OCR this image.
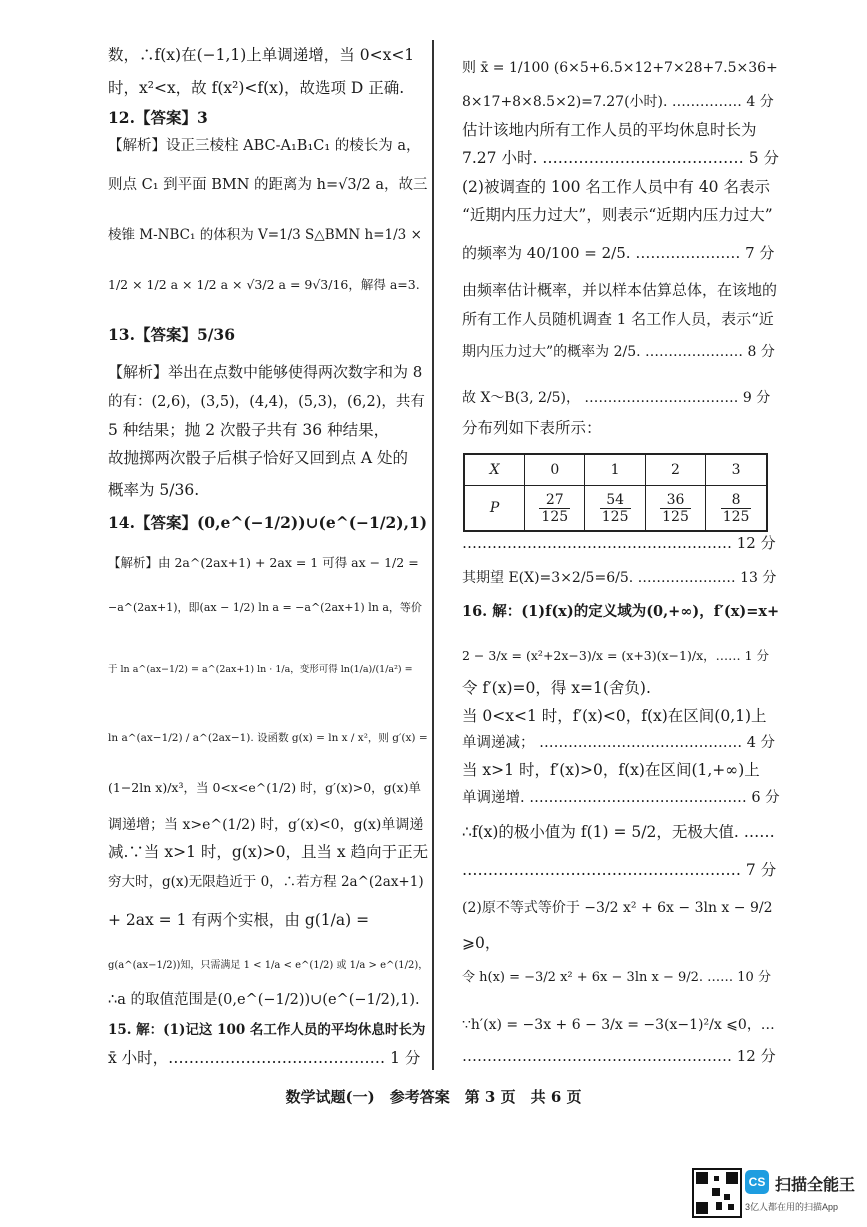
数，∴f(x)在(−1,1)上单调递增，当 0<x<1
时，x²<x，故 f(x²)<f(x)，故选项 D 正确.
12.【答案】3
【解析】设正三棱柱 ABC-A₁B₁C₁ 的棱长为 a，
则点 C₁ 到平面 BMN 的距离为 h=√3/2 a，故三
棱锥 M-NBC₁ 的体积为 V=1/3 S△BMN h=1/3 ×
1/2 × 1/2 a × 1/2 a × √3/2 a = 9√3/16，解得 a=3.
13.【答案】5/36
【解析】举出在点数中能够使得两次数字和为 8
的有：(2,6)，(3,5)，(4,4)，(5,3)，(6,2)，共有
5 种结果；抛 2 次骰子共有 36 种结果，
故抛掷两次骰子后棋子恰好又回到点 A 处的
概率为 5/36.
14.【答案】(0,e^(−1/2))∪(e^(−1/2),1)
【解析】由 2a^(2ax+1) + 2ax = 1 可得 ax − 1/2 =
−a^(2ax+1)，即(ax − 1/2) ln a = −a^(2ax+1) ln a，等价
于 ln a^(ax−1/2) = a^(2ax+1) ln · 1/a，变形可得 ln(1/a)/(1/a²) =
ln a^(ax−1/2) / a^(2ax−1). 设函数 g(x) = ln x / x²，则 g′(x) =
(1−2ln x)/x³，当 0<x<e^(1/2) 时，g′(x)>0，g(x)单
调递增；当 x>e^(1/2) 时，g′(x)<0，g(x)单调递
减.∵当 x>1 时，g(x)>0，且当 x 趋向于正无
穷大时，g(x)无限趋近于 0，∴若方程 2a^(2ax+1)
+ 2ax = 1 有两个实根，由 g(1/a) =
g(a^(ax−1/2))知，只需满足 1 < 1/a < e^(1/2) 或 1/a > e^(1/2)，
∴a 的取值范围是(0,e^(−1/2))∪(e^(−1/2),1).
15. 解：(1)记这 100 名工作人员的平均休息时长为
x̄ 小时，…………………………………… 1 分
则 x̄ = 1/100 (6×5+6.5×12+7×28+7.5×36+
8×17+8×8.5×2)=7.27(小时). …………… 4 分
估计该地内所有工作人员的平均休息时长为
7.27 小时. ………………………………… 5 分
(2)被调查的 100 名工作人员中有 40 名表示
“近期内压力过大”，则表示“近期内压力过大”
的频率为 40/100 = 2/5. ………………… 7 分
由频率估计概率，并以样本估算总体，在该地的
所有工作人员随机调查 1 名工作人员，表示“近
期内压力过大”的概率为 2/5. ………………… 8 分
故 X～B(3, 2/5)， …………………………… 9 分
分布列如下表所示：
……………………………………………… 12 分
其期望 E(X)=3×2/5=6/5. ………………… 13 分
16. 解：(1)f(x)的定义域为(0,+∞)，f′(x)=x+
2 − 3/x = (x²+2x−3)/x = (x+3)(x−1)/x，…… 1 分
令 f′(x)=0，得 x=1(舍负).
当 0<x<1 时，f′(x)<0，f(x)在区间(0,1)上
单调递减； …………………………………… 4 分
当 x>1 时，f′(x)>0，f(x)在区间(1,+∞)上
单调递增. ……………………………………… 6 分
∴f(x)的极小值为 f(1) = 5/2，无极大值. ……
……………………………………………… 7 分
(2)原不等式等价于 −3/2 x² + 6x − 3ln x − 9/2
⩾0，
令 h(x) = −3/2 x² + 6x − 3ln x − 9/2. …… 10 分
∵h′(x) = −3x + 6 − 3/x = −3(x−1)²/x ⩽0，…
……………………………………………… 12 分
X	0	1	2	3
P	$\frac{27}{125}$	$\frac{54}{125}$	$\frac{36}{125}$	$\frac{8}{125}$
数学试题(一)　参考答案　第 3 页　共 6 页
CS 扫描全能王
3亿人都在用的扫描App
